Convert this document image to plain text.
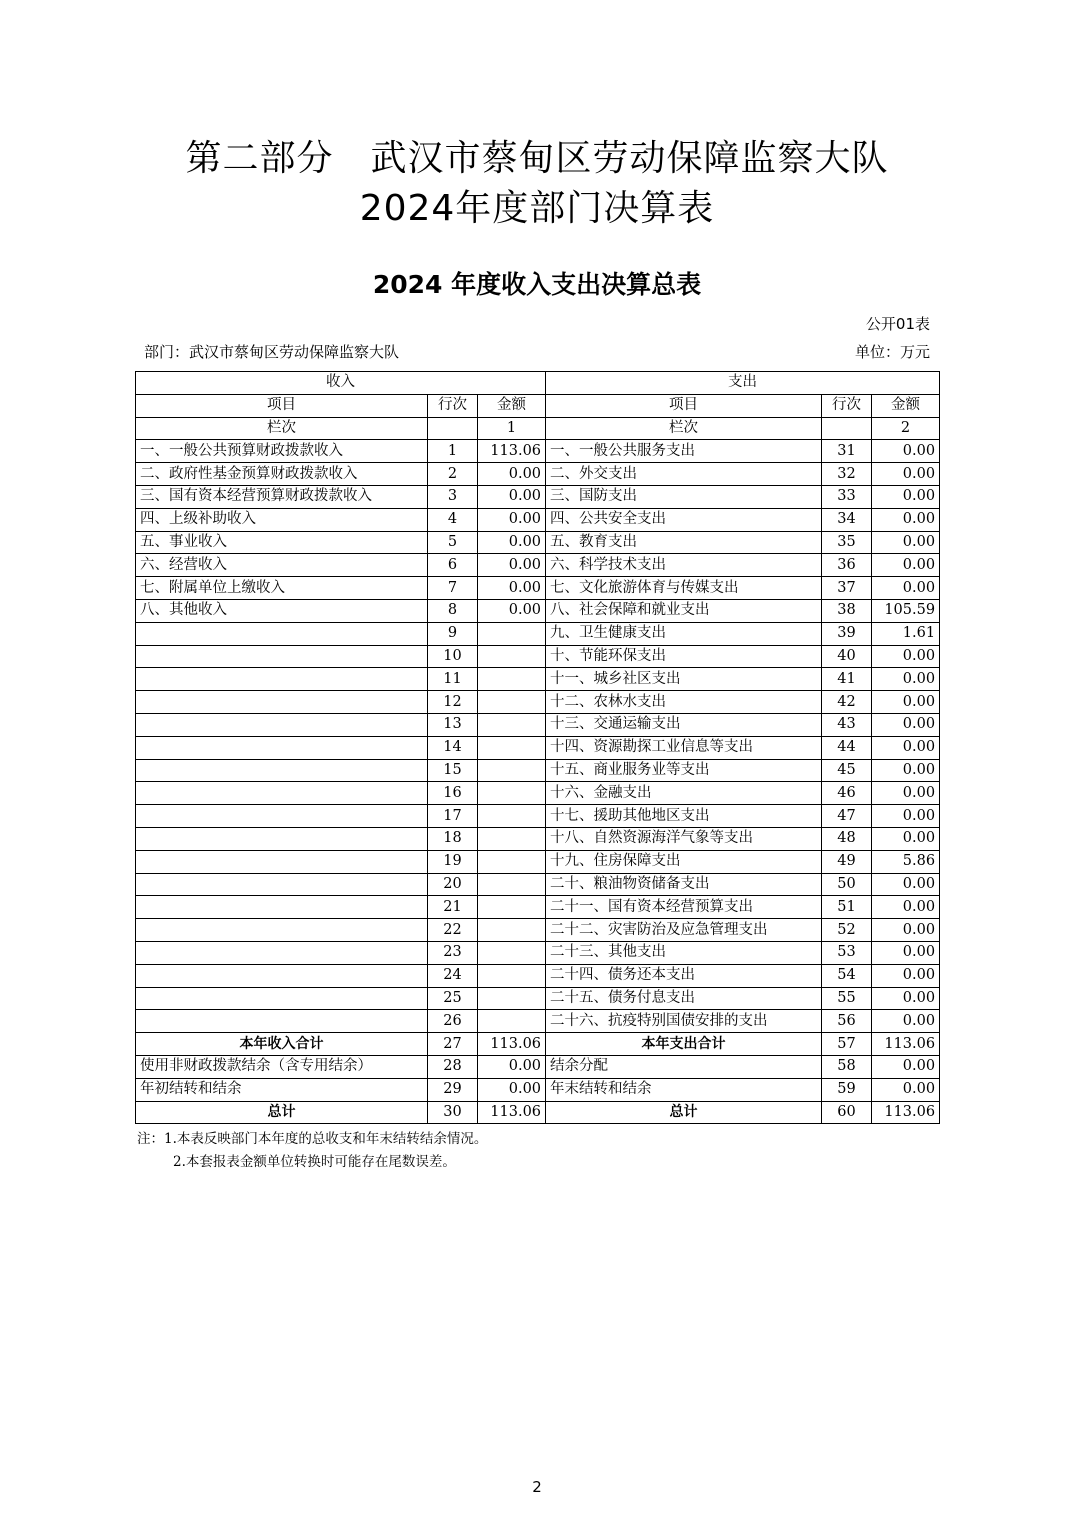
第二部分　武汉市蔡甸区劳动保障监察大队
2024年度部门决算表
2024 年度收入支出决算总表
公开01表
部门：武汉市蔡甸区劳动保障监察大队	单位：万元
收入			支出		
项目	行次	金额	项目	行次	金额
栏次		1	栏次		2
一、一般公共预算财政拨款收入	1	113.06	一、一般公共服务支出	31	0.00
二、政府性基金预算财政拨款收入	2	0.00	二、外交支出	32	0.00
三、国有资本经营预算财政拨款收入	3	0.00	三、国防支出	33	0.00
四、上级补助收入	4	0.00	四、公共安全支出	34	0.00
五、事业收入	5	0.00	五、教育支出	35	0.00
六、经营收入	6	0.00	六、科学技术支出	36	0.00
七、附属单位上缴收入	7	0.00	七、文化旅游体育与传媒支出	37	0.00
八、其他收入	8	0.00	八、社会保障和就业支出	38	105.59
	9		九、卫生健康支出	39	1.61
	10		十、节能环保支出	40	0.00
	11		十一、城乡社区支出	41	0.00
	12		十二、农林水支出	42	0.00
	13		十三、交通运输支出	43	0.00
	14		十四、资源勘探工业信息等支出	44	0.00
	15		十五、商业服务业等支出	45	0.00
	16		十六、金融支出	46	0.00
	17		十七、援助其他地区支出	47	0.00
	18		十八、自然资源海洋气象等支出	48	0.00
	19		十九、住房保障支出	49	5.86
	20		二十、粮油物资储备支出	50	0.00
	21		二十一、国有资本经营预算支出	51	0.00
	22		二十二、灾害防治及应急管理支出	52	0.00
	23		二十三、其他支出	53	0.00
	24		二十四、债务还本支出	54	0.00
	25		二十五、债务付息支出	55	0.00
	26		二十六、抗疫特别国债安排的支出	56	0.00
本年收入合计	27	113.06	本年支出合计	57	113.06
使用非财政拨款结余（含专用结余）	28	0.00	结余分配	58	0.00
年初结转和结余	29	0.00	年末结转和结余	59	0.00
总计	30	113.06	总计	60	113.06
注：1.本表反映部门本年度的总收支和年末结转结余情况。
2.本套报表金额单位转换时可能存在尾数误差。
2
